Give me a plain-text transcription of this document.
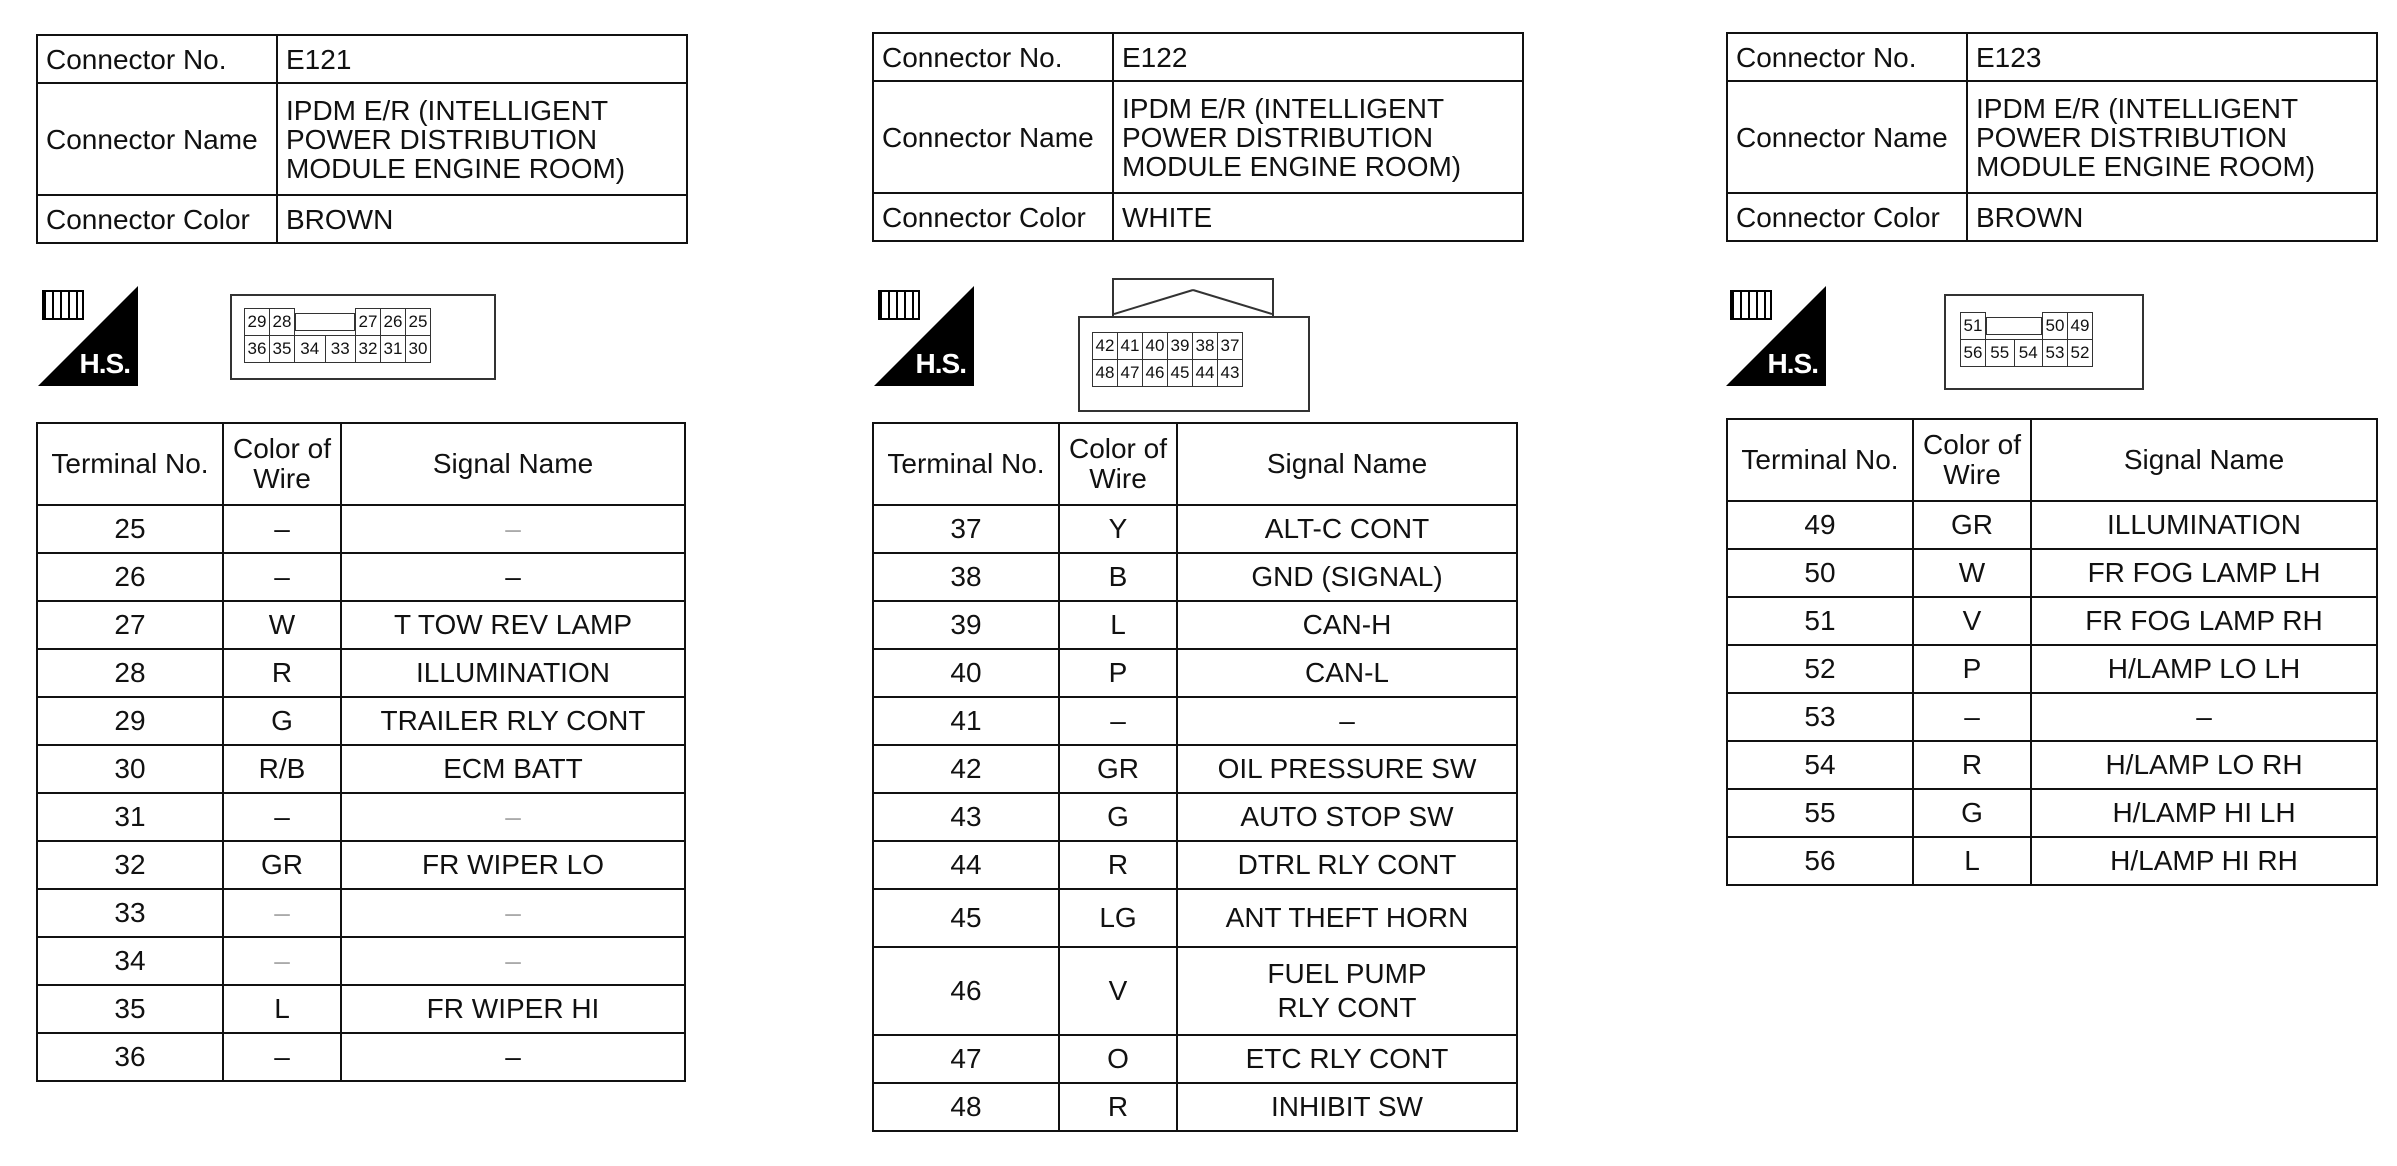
Connector No.	E121
Connector Name	IPDM E/R (INTELLIGENT POWER DISTRIBUTION MODULE ENGINE ROOM)
Connector Color	BROWN
H.S.
29	28			27	26	25
36	35	34	33	32	31	30
Terminal No.	Color of Wire	Signal Name
25	–	–
26	–	–
27	W	T TOW REV LAMP
28	R	ILLUMINATION
29	G	TRAILER RLY CONT
30	R/B	ECM BATT
31	–	–
32	GR	FR WIPER LO
33	–	–
34	–	–
35	L	FR WIPER HI
36	–	–
Connector No.	E122
Connector Name	IPDM E/R (INTELLIGENT POWER DISTRIBUTION MODULE ENGINE ROOM)
Connector Color	WHITE
H.S.
42	41	40	39	38	37
48	47	46	45	44	43
Terminal No.	Color of Wire	Signal Name
37	Y	ALT-C CONT
38	B	GND (SIGNAL)
39	L	CAN-H
40	P	CAN-L
41	–	–
42	GR	OIL PRESSURE SW
43	G	AUTO STOP SW
44	R	DTRL RLY CONT
45	LG	ANT THEFT HORN
46	V	FUEL PUMP RLY CONT
47	O	ETC RLY CONT
48	R	INHIBIT SW
Connector No.	E123
Connector Name	IPDM E/R (INTELLIGENT POWER DISTRIBUTION MODULE ENGINE ROOM)
Connector Color	BROWN
H.S.
51			50	49
56	55	54	53	52
Terminal No.	Color of Wire	Signal Name
49	GR	ILLUMINATION
50	W	FR FOG LAMP LH
51	V	FR FOG LAMP RH
52	P	H/LAMP LO LH
53	–	–
54	R	H/LAMP LO RH
55	G	H/LAMP HI LH
56	L	H/LAMP HI RH
